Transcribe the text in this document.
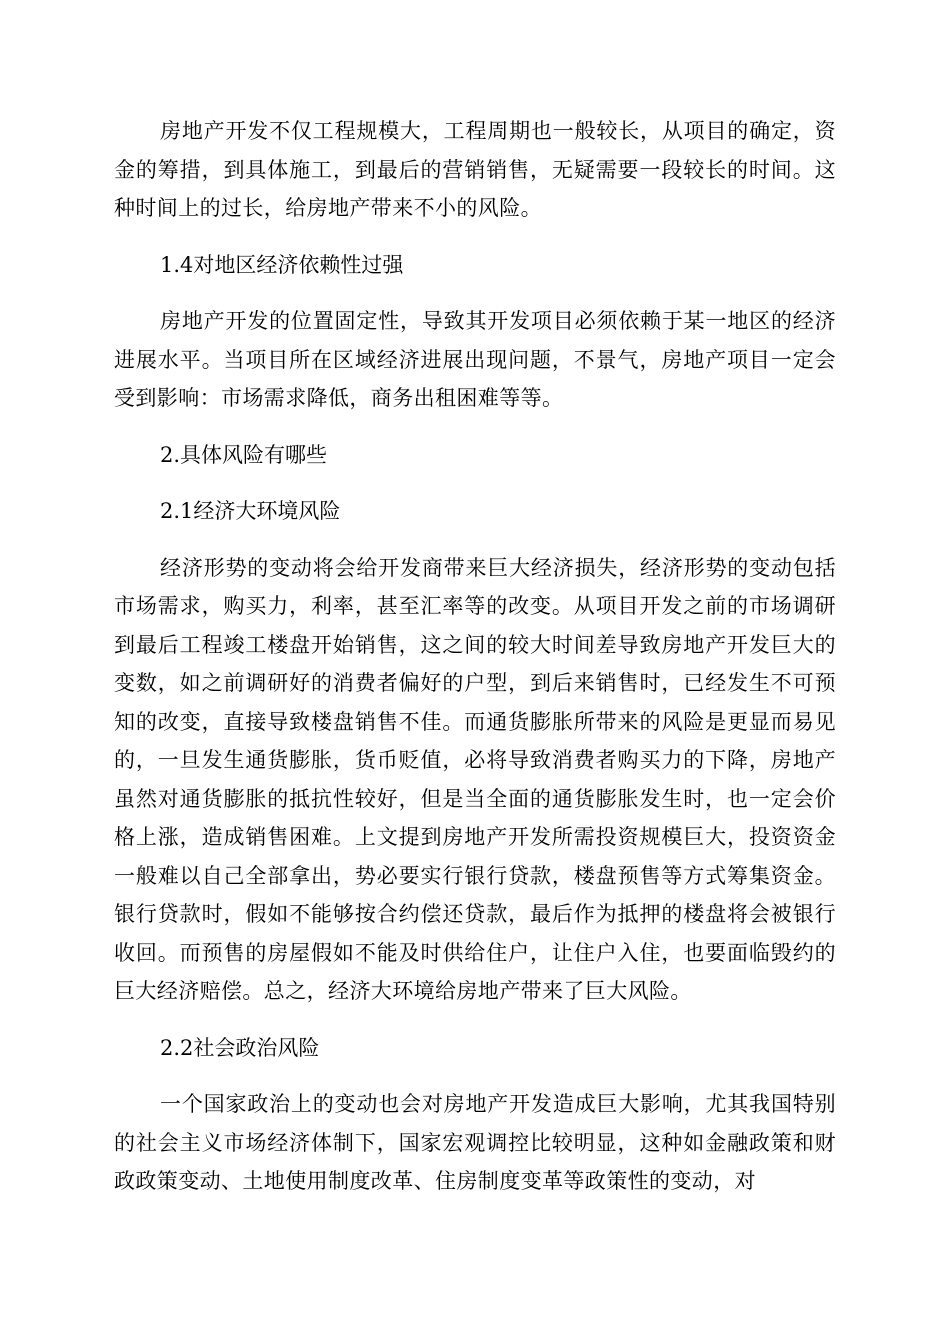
房地产开发不仅工程规模大，工程周期也一般较长，从项目的确定，资金的筹措，到具体施工，到最后的营销销售，无疑需要一段较长的时间。这种时间上的过长，给房地产带来不小的风险。

1.4对地区经济依赖性过强

房地产开发的位置固定性，导致其开发项目必须依赖于某一地区的经济进展水平。当项目所在区域经济进展出现问题，不景气，房地产项目一定会受到影响：市场需求降低，商务出租困难等等。

2.具体风险有哪些

2.1经济大环境风险

经济形势的变动将会给开发商带来巨大经济损失，经济形势的变动包括市场需求，购买力，利率，甚至汇率等的改变。从项目开发之前的市场调研到最后工程竣工楼盘开始销售，这之间的较大时间差导致房地产开发巨大的变数，如之前调研好的消费者偏好的户型，到后来销售时，已经发生不可预知的改变，直接导致楼盘销售不佳。而通货膨胀所带来的风险是更显而易见的，一旦发生通货膨胀，货币贬值，必将导致消费者购买力的下降，房地产虽然对通货膨胀的抵抗性较好，但是当全面的通货膨胀发生时，也一定会价格上涨，造成销售困难。上文提到房地产开发所需投资规模巨大，投资资金一般难以自己全部拿出，势必要实行银行贷款，楼盘预售等方式筹集资金。银行贷款时，假如不能够按合约偿还贷款，最后作为抵押的楼盘将会被银行收回。而预售的房屋假如不能及时供给住户，让住户入住，也要面临毁约的巨大经济赔偿。总之，经济大环境给房地产带来了巨大风险。

2.2社会政治风险

一个国家政治上的变动也会对房地产开发造成巨大影响，尤其我国特别的社会主义市场经济体制下，国家宏观调控比较明显，这种如金融政策和财政政策变动、土地使用制度改革、住房制度变革等政策性的变动，对
